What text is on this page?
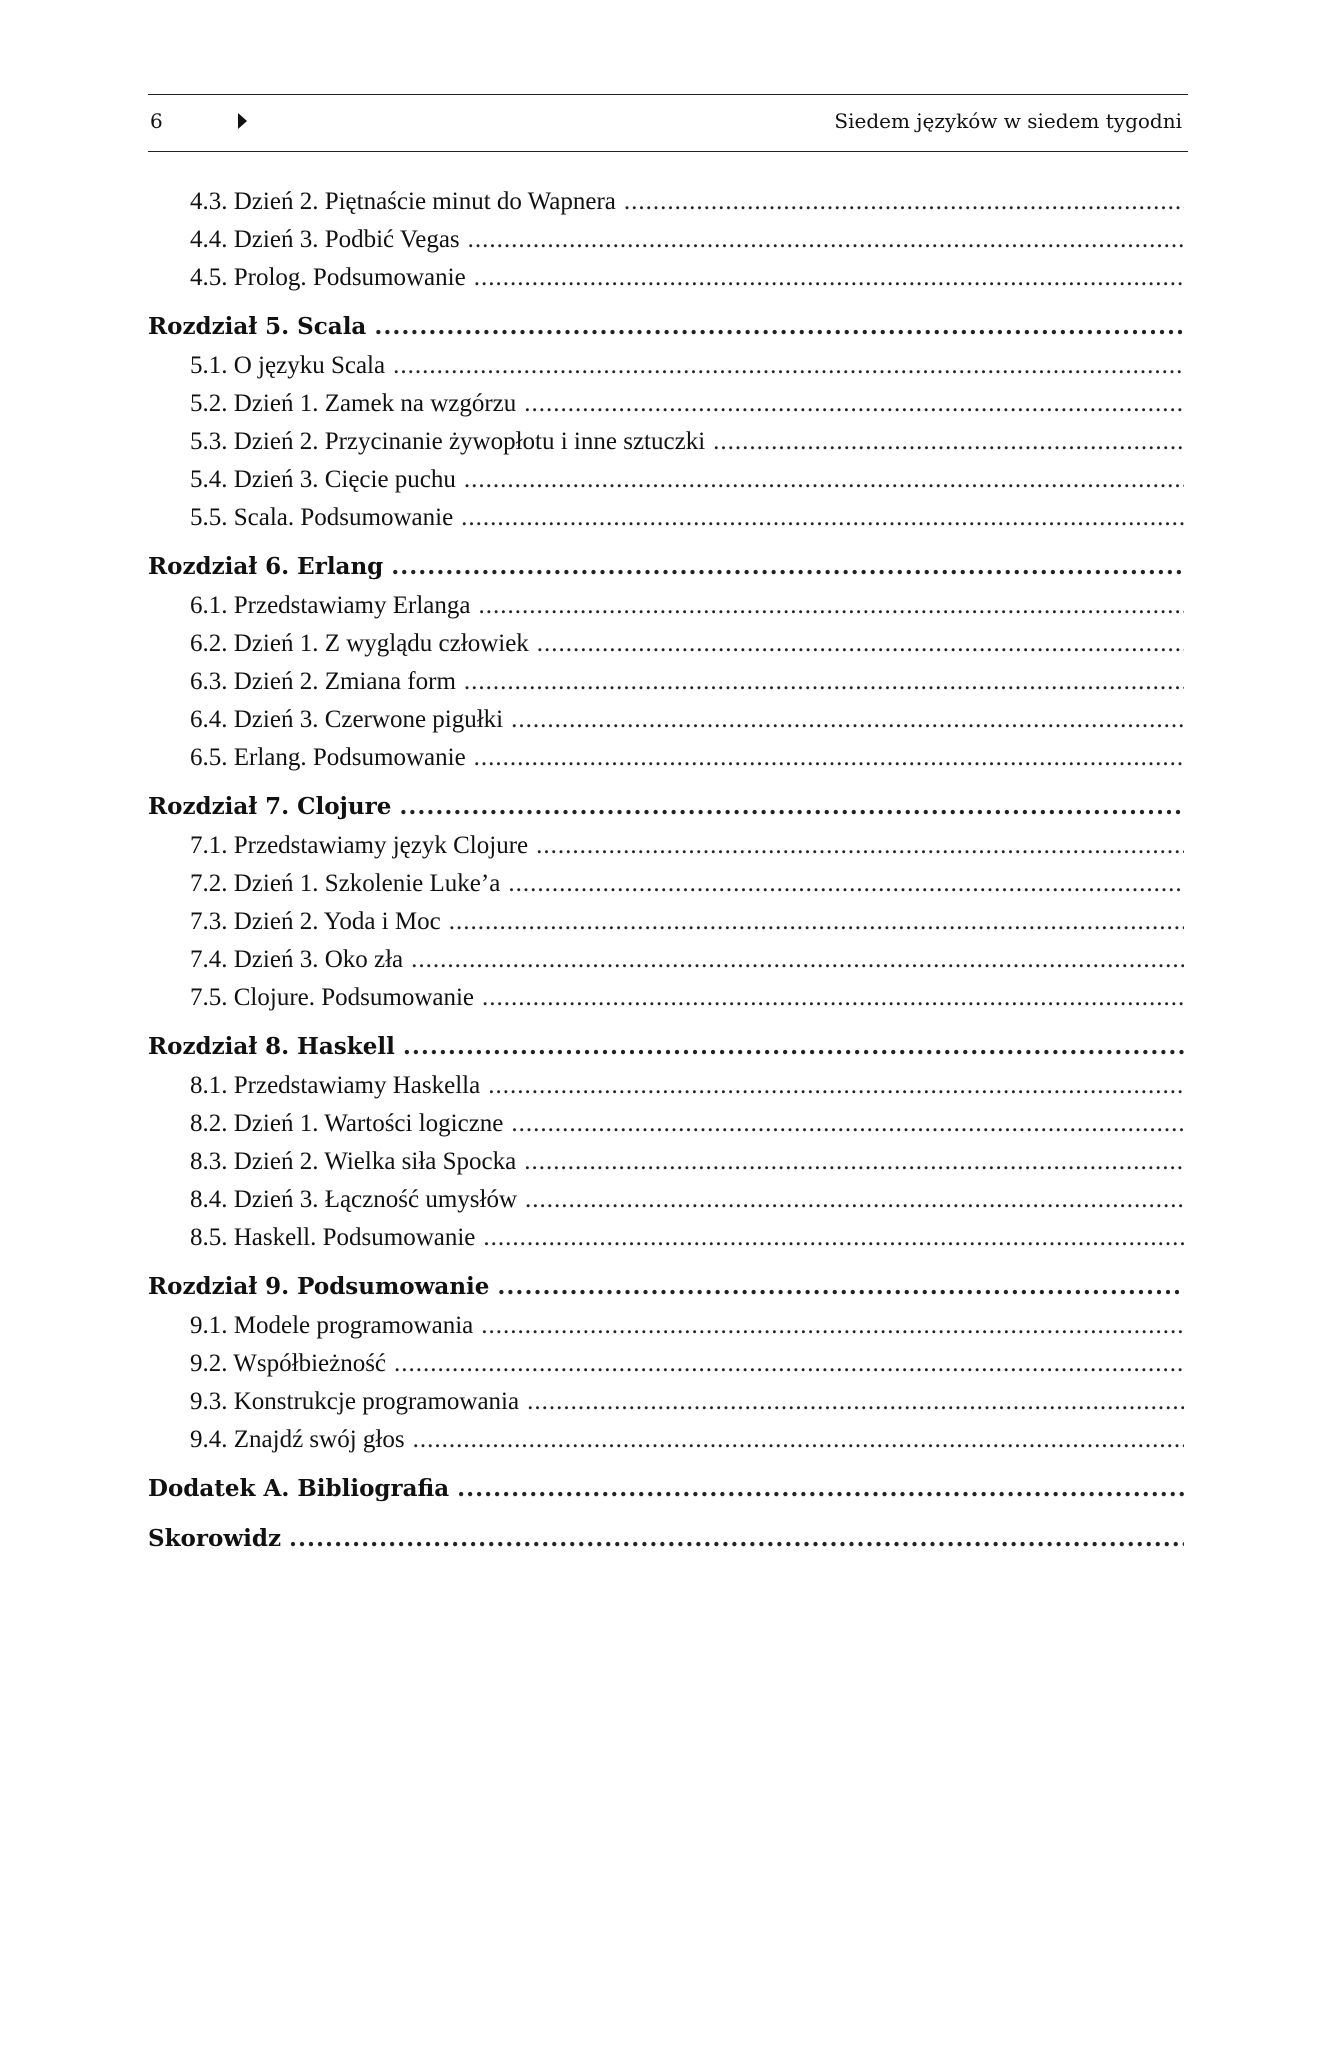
6	Siedem języków w siedem tygodni
4.3. Dzień 2. Piętnaście minut do Wapnera
.....
4.4. Dzień 3. Podbić Vegas
.....
4.5. Prolog. Podsumowanie
.....
Rozdział 5. Scala
.....
5.1. O języku Scala
.....
5.2. Dzień 1. Zamek na wzgórzu
.....
5.3. Dzień 2. Przycinanie żywopłotu i inne sztuczki
.....
5.4. Dzień 3. Cięcie puchu
.....
5.5. Scala. Podsumowanie
.....
Rozdział 6. Erlang
.....
6.1. Przedstawiamy Erlanga
.....
6.2. Dzień 1. Z wyglądu człowiek
.....
6.3. Dzień 2. Zmiana form
.....
6.4. Dzień 3. Czerwone pigułki
.....
6.5. Erlang. Podsumowanie
.....
Rozdział 7. Clojure
.....
7.1. Przedstawiamy język Clojure
.....
7.2. Dzień 1. Szkolenie Luke’a
.....
7.3. Dzień 2. Yoda i Moc
.....
7.4. Dzień 3. Oko zła
.....
7.5. Clojure. Podsumowanie
.....
Rozdział 8. Haskell
.....
8.1. Przedstawiamy Haskella
.....
8.2. Dzień 1. Wartości logiczne
.....
8.3. Dzień 2. Wielka siła Spocka
.....
8.4. Dzień 3. Łączność umysłów
.....
8.5. Haskell. Podsumowanie
.....
Rozdział 9. Podsumowanie
.....
9.1. Modele programowania
.....
9.2. Współbieżność
.....
9.3. Konstrukcje programowania
.....
9.4. Znajdź swój głos
.....
Dodatek A. Bibliografia
.....
Skorowidz
.....
